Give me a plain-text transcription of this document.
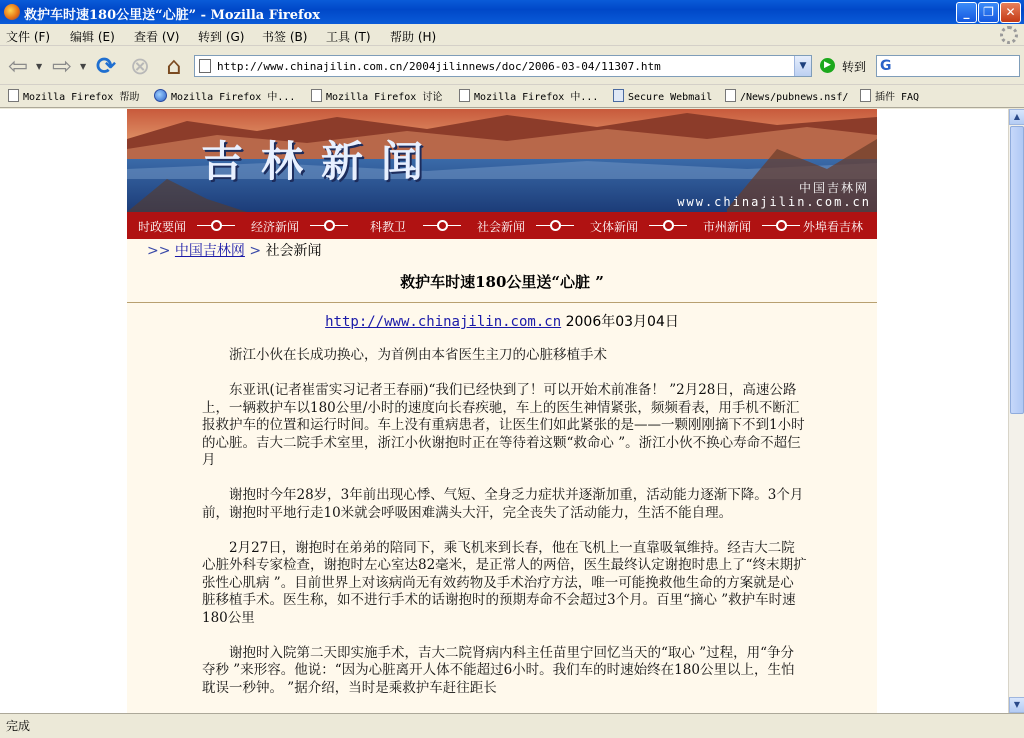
救护车时速180公里送“心脏” - Mozilla Firefox	_	❐ ✕
文件 (F) 编辑 (E) 查看 (V) 转到 (G) 书签 (B) 工具 (T) 帮助 (H)
⇦ ▼ ⇨ ▼ ⟳ ⊗ ⌂
http://www.chinajilin.com.cn/2004jilinnews/doc/2006-03-04/11307.htm	▼	▶ 转到 G
Mozilla Firefox 帮助	Mozilla Firefox 中...	Mozilla Firefox 讨论	Mozilla Firefox 中...	Secure Webmail	/News/pubnews.nsf/	插件 FAQ
吉林新闻
中国吉林网
www.chinajilin.com.cn
时政要闻	经济新闻	科教卫	社会新闻	文体新闻	市州新闻	外埠看吉林
>> 中国吉林网 > 社会新闻
救护车时速180公里送“心脏 ”
http://www.chinajilin.com.cn 2006年03月04日

浙江小伙在长成功换心，为首例由本省医生主刀的心脏移植手术

东亚讯(记者崔雷实习记者王春丽)“我们已经快到了！可以开始术前准备！ ”2月28日，高速公路上，一辆救护车以180公里/小时的速度向长春疾驰，车上的医生神情紧张，频频看表，用手机不断汇报救护车的位置和运行时间。车上没有重病患者，让医生们如此紧张的是——一颗刚刚摘下不到1小时的心脏。吉大二院手术室里，浙江小伙谢抱时正在等待着这颗“救命心 ”。浙江小伙不换心寿命不超仨月

谢抱时今年28岁，3年前出现心悸、气短、全身乏力症状并逐渐加重，活动能力逐渐下降。3个月前，谢抱时平地行走10米就会呼吸困难满头大汗，完全丧失了活动能力，生活不能自理。

2月27日，谢抱时在弟弟的陪同下，乘飞机来到长春，他在飞机上一直靠吸氧维持。经吉大二院心脏外科专家检查，谢抱时左心室达82毫米，是正常人的两倍，医生最终认定谢抱时患上了“终末期扩张性心肌病 ”。目前世界上对该病尚无有效药物及手术治疗方法，唯一可能挽救他生命的方案就是心脏移植手术。医生称，如不进行手术的话谢抱时的预期寿命不会超过3个月。百里“摘心 ”救护车时速180公里

谢抱时入院第二天即实施手术，吉大二院肾病内科主任苗里宁回忆当天的“取心 ”过程，用“争分夺秒 ”来形容。他说：“因为心脏离开人体不能超过6小时。我们车的时速始终在180公里以上，生怕耽误一秒钟。 ”据介绍，当时是乘救护车赶往距长

▲
▼
完成
